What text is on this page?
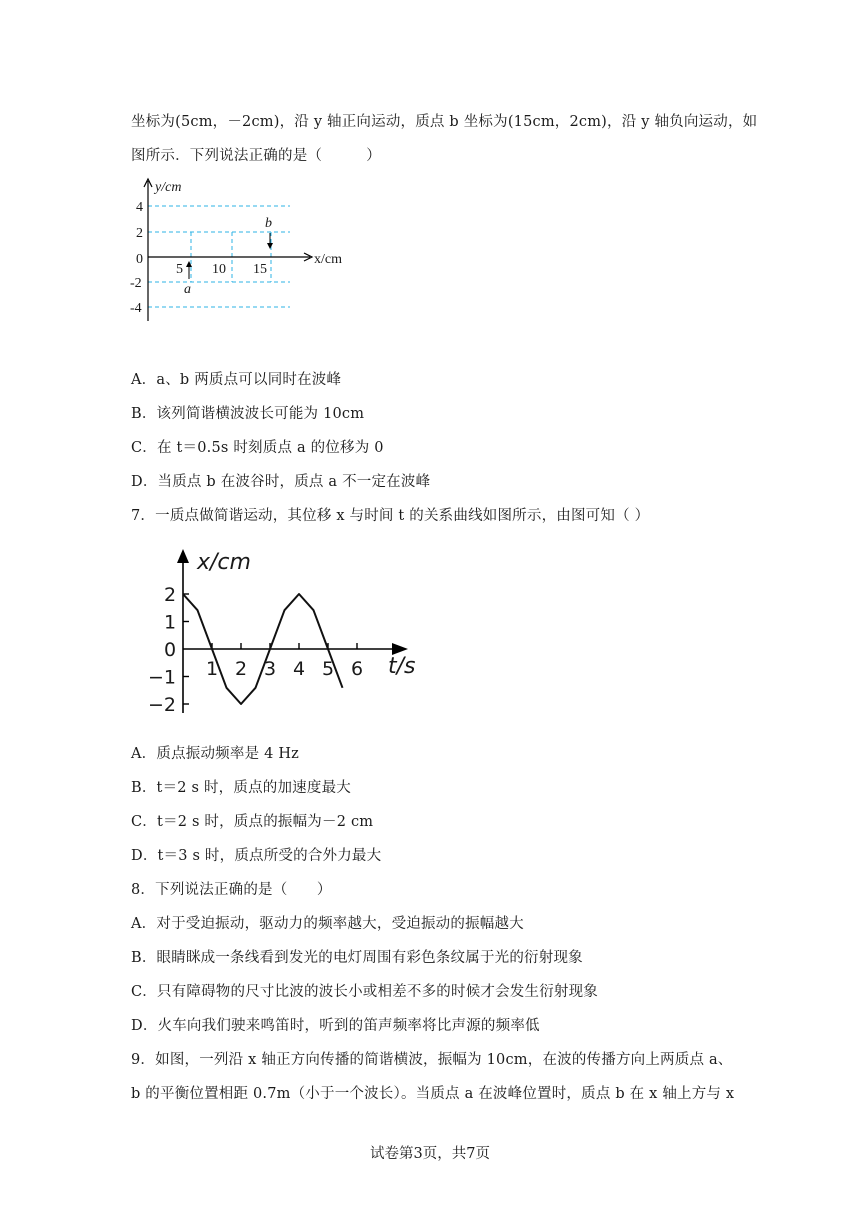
坐标为(5cm，－2cm)，沿 y 轴正向运动，质点 b 坐标为(15cm，2cm)，沿 y 轴负向运动，如
图所示．下列说法正确的是（　　　）
y/cm
x/cm
4
2
0
-2
-4
5 10 15
a
b
A．a、b 两质点可以同时在波峰
B．该列简谐横波波长可能为 10cm
C．在 t＝0.5s 时刻质点 a 的位移为 0
D．当质点 b 在波谷时，质点 a 不一定在波峰
7．一质点做简谐运动，其位移 x 与时间 t 的关系曲线如图所示，由图可知（ ）
x/cm
t/s
2
1
0
−1
−2
1 2 3 4 5 6
A．质点振动频率是 4 Hz
B．t＝2 s 时，质点的加速度最大
C．t＝2 s 时，质点的振幅为－2 cm
D．t＝3 s 时，质点所受的合外力最大
8．下列说法正确的是（　　）
A．对于受迫振动，驱动力的频率越大，受迫振动的振幅越大
B．眼睛眯成一条线看到发光的电灯周围有彩色条纹属于光的衍射现象
C．只有障碍物的尺寸比波的波长小或相差不多的时候才会发生衍射现象
D．火车向我们驶来鸣笛时，听到的笛声频率将比声源的频率低
9．如图，一列沿 x 轴正方向传播的简谐横波，振幅为 10cm，在波的传播方向上两质点 a、
b 的平衡位置相距 0.7m（小于一个波长）。当质点 a 在波峰位置时，质点 b 在 x 轴上方与 x
试卷第3页，共7页
